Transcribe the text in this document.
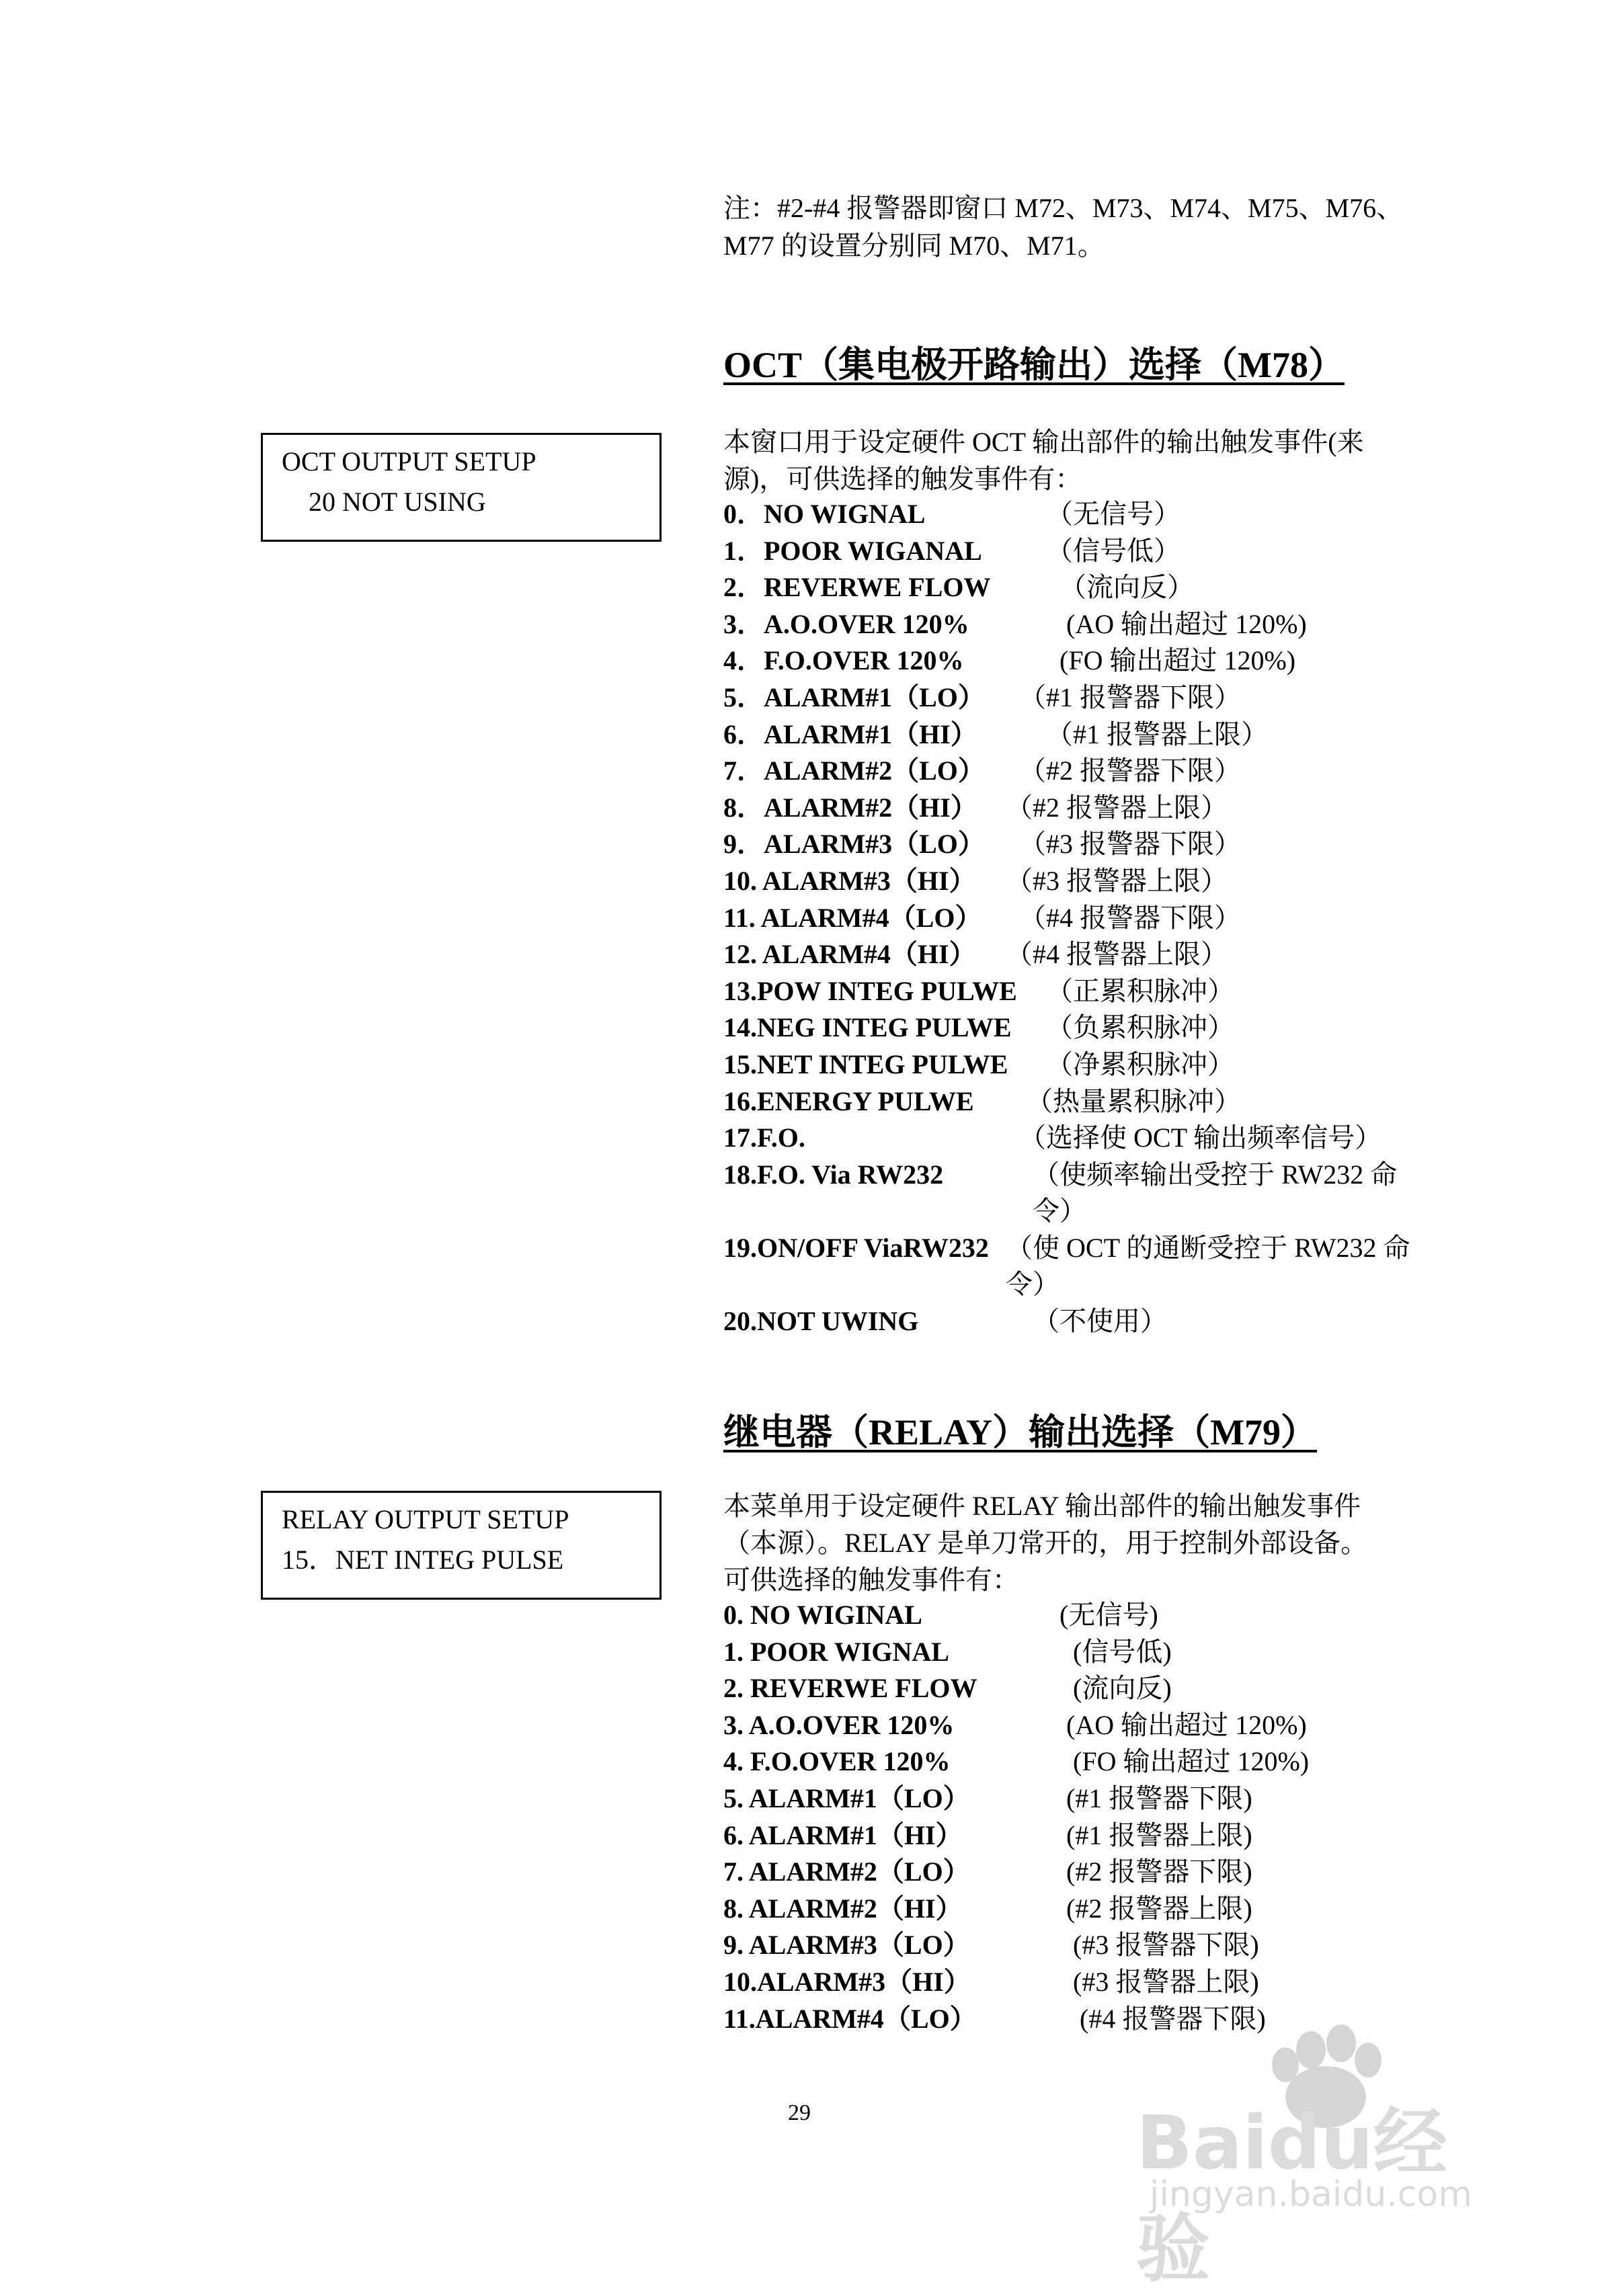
注：#2-#4 报警器即窗口 M72、M73、M74、M75、M76、
M77 的设置分别同 M70、M71。
OCT（集电极开路输出）选择（M78）
OCT OUTPUT SETUP
20 NOT USING
本窗口用于设定硬件 OCT 输出部件的输出触发事件(来
源)，可供选择的触发事件有：
0．NO WIGNAL	（无信号）
1．POOR WIGANAL （信号低）
2．REVERWE FLOW	（流向反）
3．A.O.OVER 120%	(AO 输出超过 120%)
4．F.O.OVER 120%	(FO 输出超过 120%)
5．ALARM#1（LO） （#1 报警器下限）
6．ALARM#1（HI）	（#1 报警器上限）
7．ALARM#2（LO） （#2 报警器下限）
8．ALARM#2（HI） （#2 报警器上限）
9．ALARM#3（LO） （#3 报警器下限）
10. ALARM#3（HI） （#3 报警器上限）
11. ALARM#4（LO） （#4 报警器下限）
12. ALARM#4（HI） （#4 报警器上限）
13.POW INTEG PULWE （正累积脉冲）
14.NEG INTEG PULWE （负累积脉冲）
15.NET INTEG PULWE （净累积脉冲）
16.ENERGY PULWE （热量累积脉冲）
17.F.O.	（选择使 OCT 输出频率信号）
18.F.O. Via RW232	（使频率输出受控于 RW232 命令）
19.ON/OFF ViaRW232 （使 OCT 的通断受控于 RW232 命令）
20.NOT UWING	（不使用）
继电器（RELAY）输出选择（M79）
RELAY OUTPUT SETUP
15．NET INTEG PULSE
本菜单用于设定硬件 RELAY 输出部件的输出触发事件
（本源）。RELAY 是单刀常开的，用于控制外部设备。
可供选择的触发事件有：
0. NO WIGINAL	(无信号)
1. POOR WIGNAL	(信号低)
2. REVERWE FLOW	(流向反)
3. A.O.OVER 120%	(AO 输出超过 120%)
4. F.O.OVER 120%	(FO 输出超过 120%)
5. ALARM#1（LO）	(#1 报警器下限)
6. ALARM#1（HI）	(#1 报警器上限)
7. ALARM#2（LO）	(#2 报警器下限)
8. ALARM#2（HI）	(#2 报警器上限)
9. ALARM#3（LO）	(#3 报警器下限)
10.ALARM#3（HI）	(#3 报警器上限)
11.ALARM#4（LO）	(#4 报警器下限)
29	Baidu经验
jingyan.baidu.com
